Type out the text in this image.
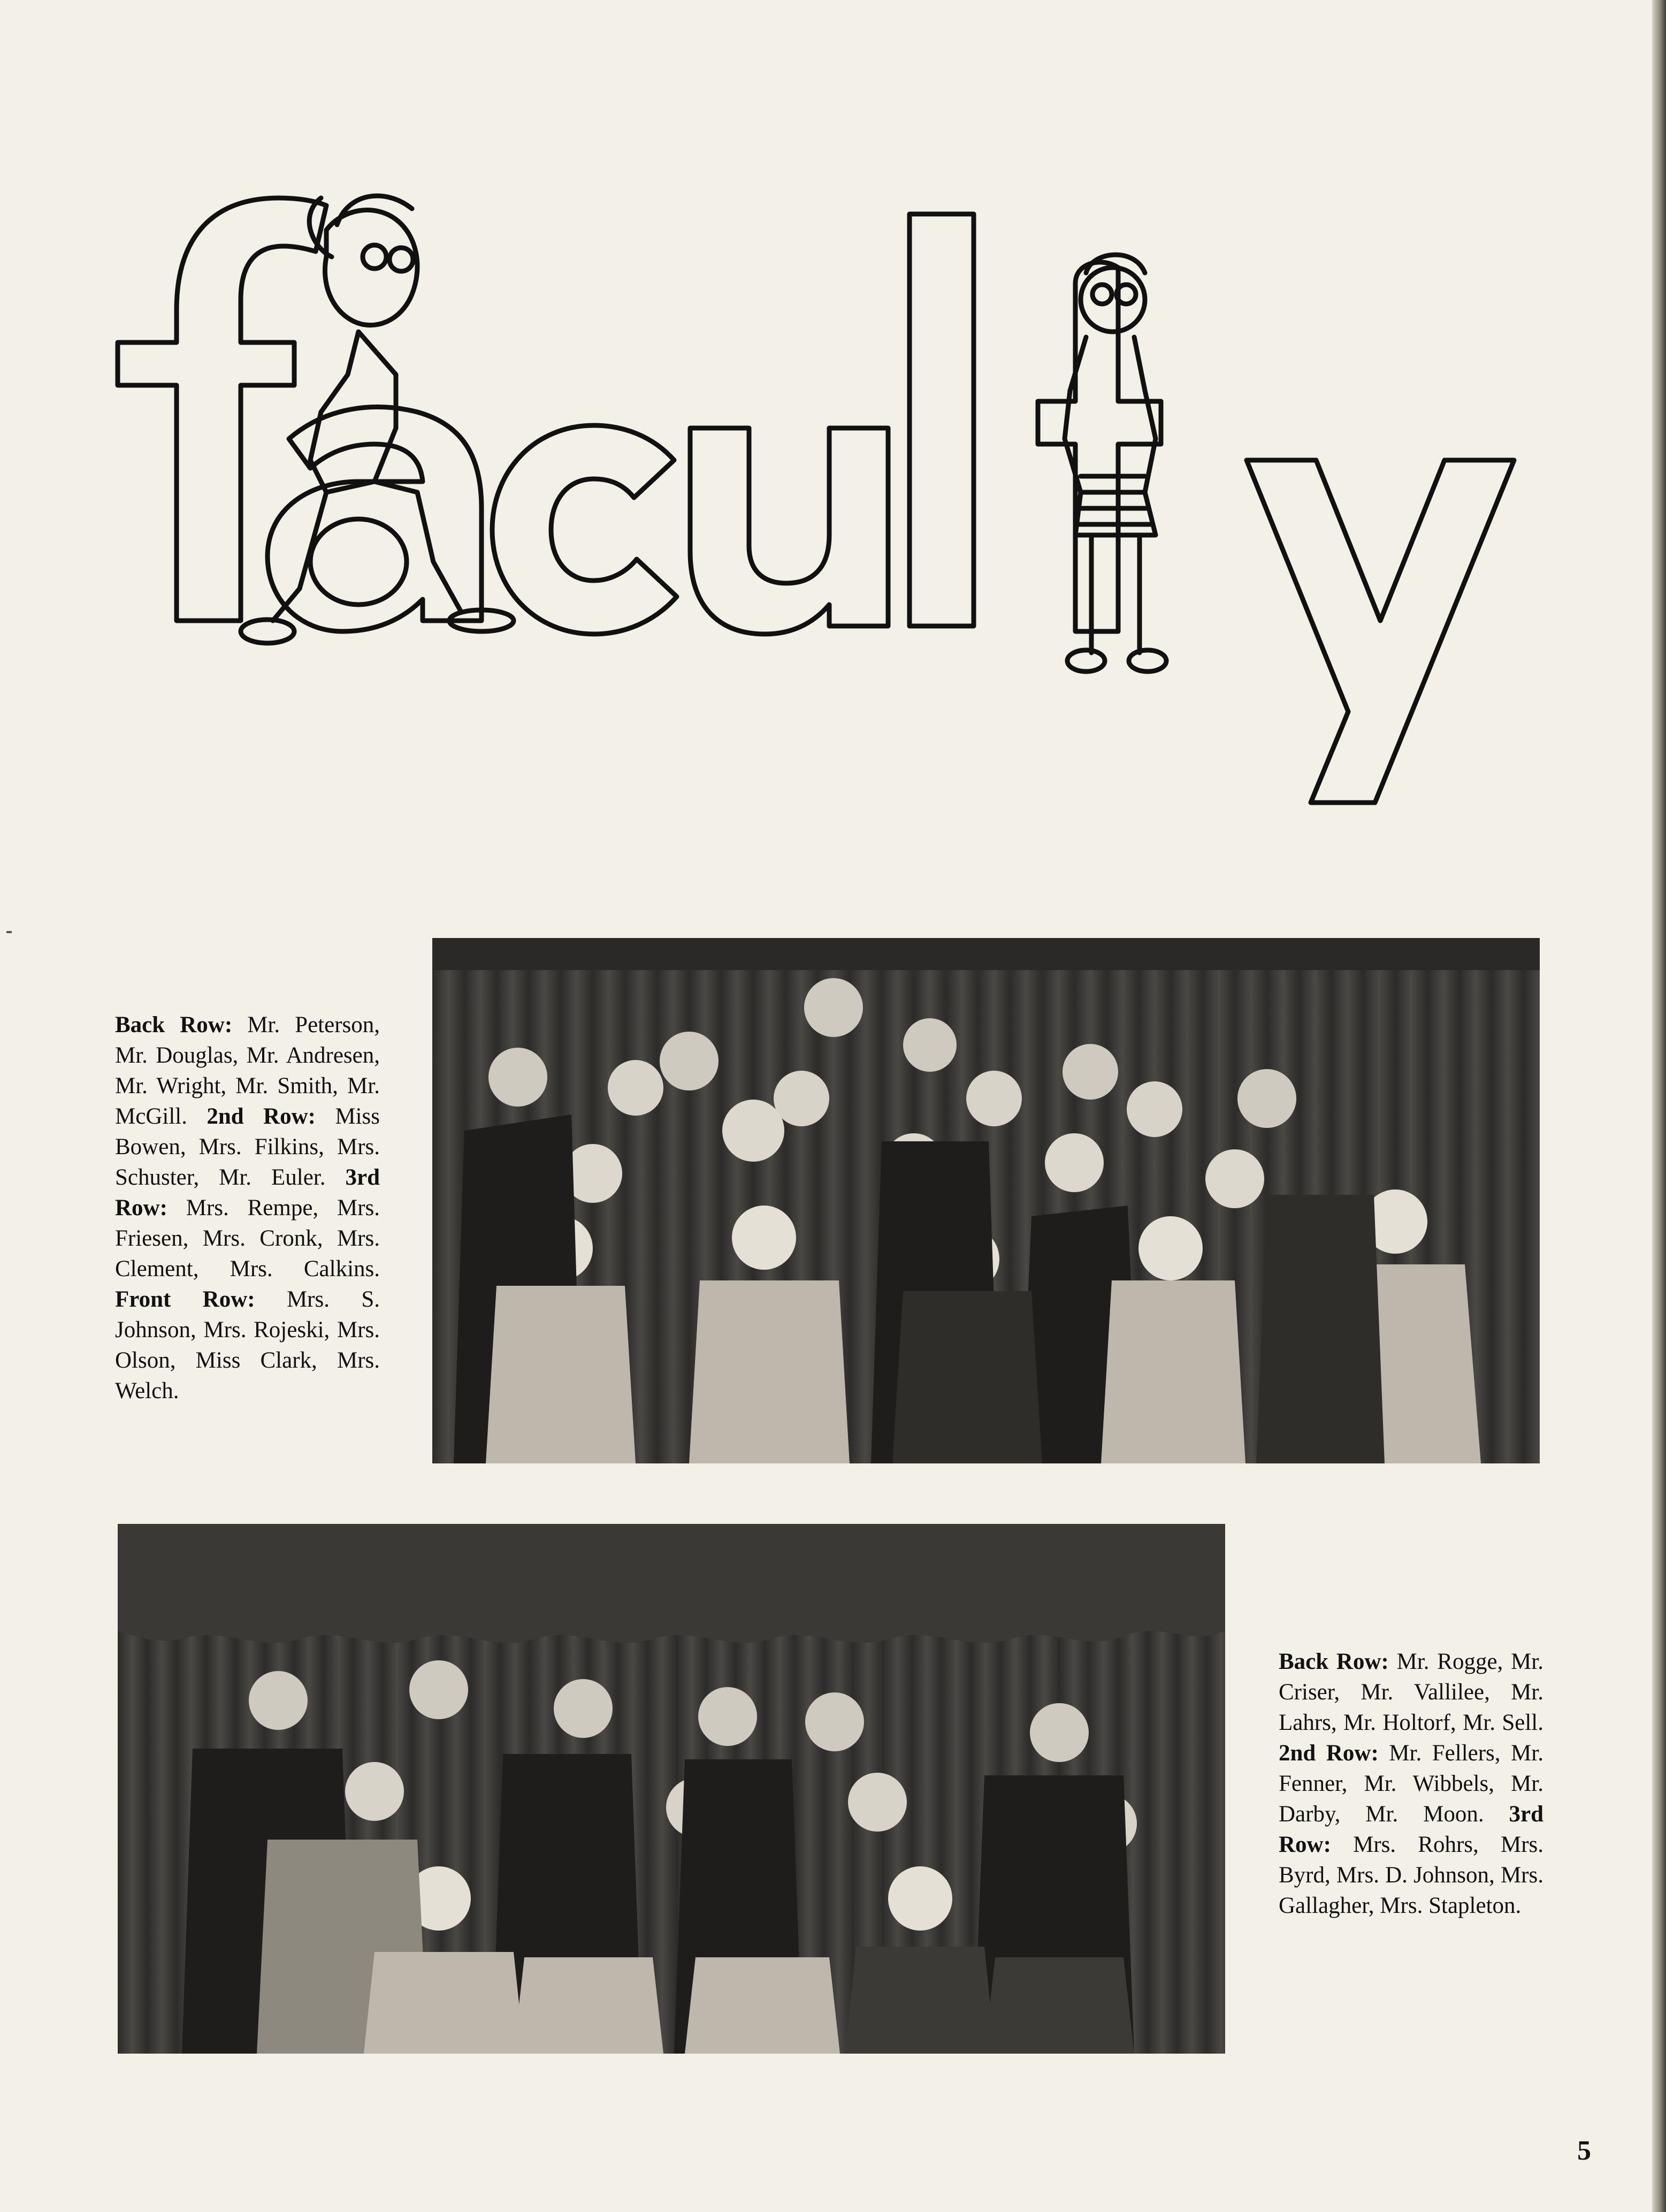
Back Row: Mr. Peterson, Mr. Douglas, Mr. Andresen, Mr. Wright, Mr. Smith, Mr. McGill. 2nd Row: Miss Bowen, Mrs. Filkins, Mrs. Schuster, Mr. Euler. 3rd Row: Mrs. Rempe, Mrs. Friesen, Mrs. Cronk, Mrs. Clement, Mrs. Calkins. Front Row: Mrs. S. Johnson, Mrs. Rojeski, Mrs. Olson, Miss Clark, Mrs. Welch.

Back Row: Mr. Rogge, Mr. Criser, Mr. Vallilee, Mr. Lahrs, Mr. Holtorf, Mr. Sell. 2nd Row: Mr. Fellers, Mr. Fenner, Mr. Wibbels, Mr. Darby, Mr. Moon. 3rd Row: Mrs. Rohrs, Mrs. Byrd, Mrs. D. Johnson, Mrs. Gallagher, Mrs. Stapleton.

5
